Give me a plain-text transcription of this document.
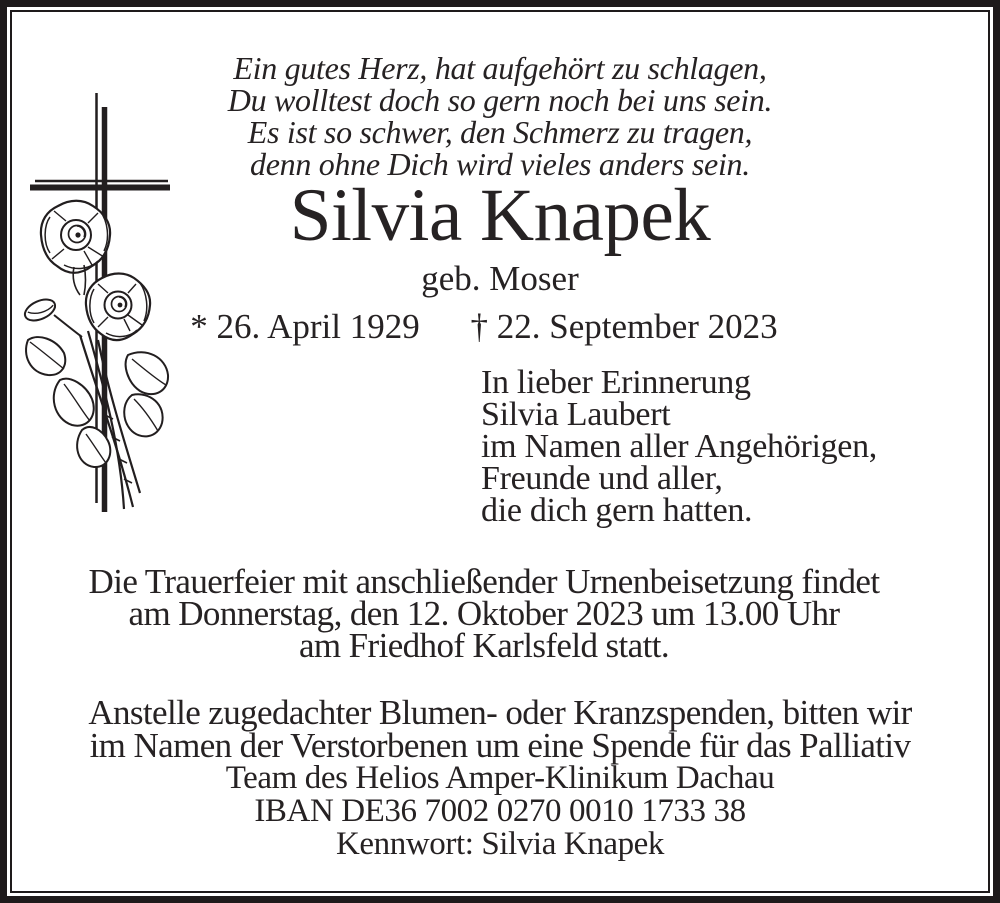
Ein gutes Herz, hat aufgehört zu schlagen,
Du wolltest doch so gern noch bei uns sein.
Es ist so schwer, den Schmerz zu tragen,
denn ohne Dich wird vieles anders sein.
Silvia Knapek
geb. Moser
* 26. April 1929 † 22. September 2023
In lieber Erinnerung
Silvia Laubert
im Namen aller Angehörigen,
Freunde und aller,
die dich gern hatten.
Die Trauerfeier mit anschließender Urnenbeisetzung findet
am Donnerstag, den 12. Oktober 2023 um 13.00 Uhr
am Friedhof Karlsfeld statt.
Anstelle zugedachter Blumen- oder Kranzspenden, bitten wir
im Namen der Verstorbenen um eine Spende für das Palliativ
Team des Helios Amper-Klinikum Dachau
IBAN DE36 7002 0270 0010 1733 38
Kennwort: Silvia Knapek
